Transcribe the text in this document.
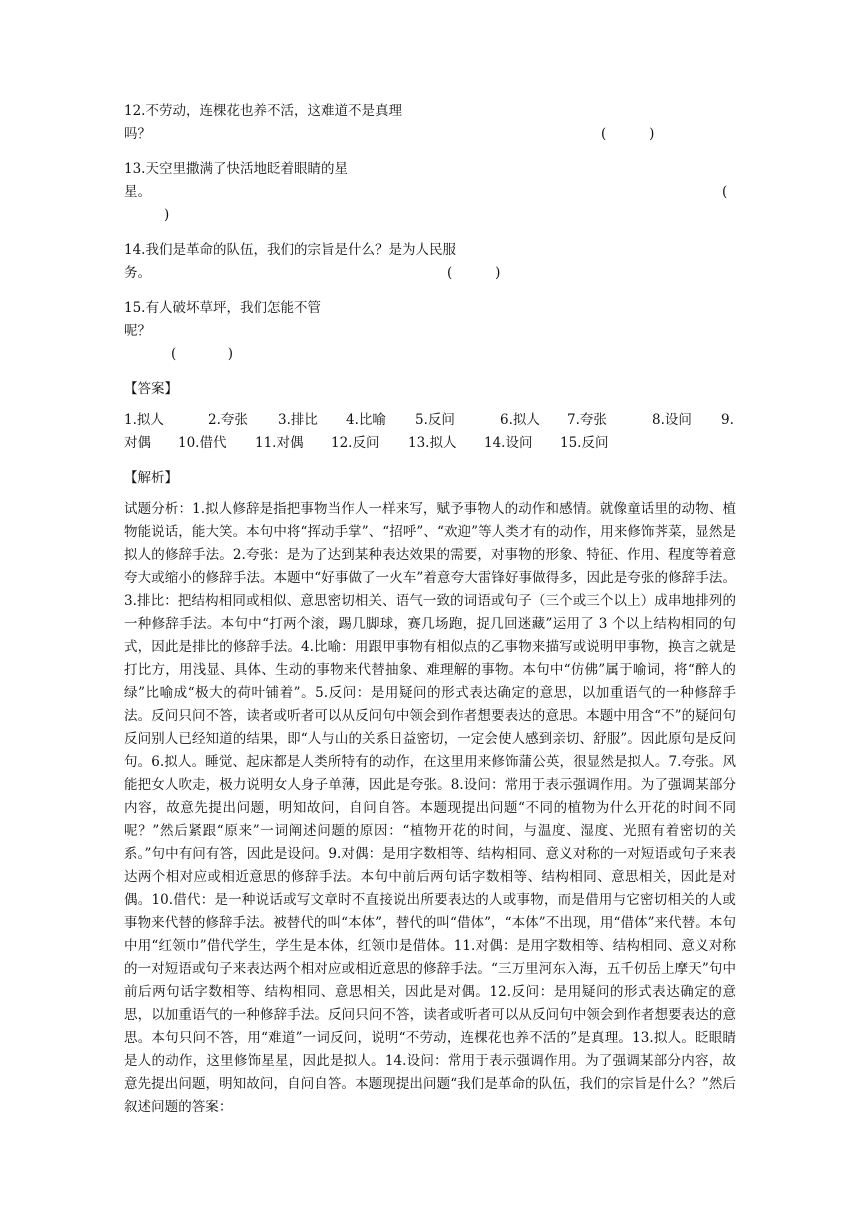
12.不劳动，连棵花也养不活，这难道不是真理
吗？	(          )
13.天空里撒满了快活地眨着眼睛的星
星。	(

)

14.我们是革命的队伍，我们的宗旨是什么？是为人民服
务。	(          )
15.有人破坏草坪，我们怎能不管
呢？

(            )

【答案】
1.拟人	2.夸张 3.排比 4.比喻 5.反问	6.拟人 7.夸张	8.设问 9.
对偶 10.借代 11.对偶 12.反问 13.拟人 14.设问 15.反问
【解析】
试题分析：1.拟人修辞是指把事物当作人一样来写，赋予事物人的动作和感情。就像童话里的动物、植物能说话，能大笑。本句中将“挥动手掌”、“招呼”、“欢迎”等人类才有的动作，用来修饰荠菜，显然是拟人的修辞手法。2.夸张：是为了达到某种表达效果的需要，对事物的形象、特征、作用、程度等着意夸大或缩小的修辞手法。本题中“好事做了一火车”着意夸大雷锋好事做得多，因此是夸张的修辞手法。3.排比：把结构相同或相似、意思密切相关、语气一致的词语或句子（三个或三个以上）成串地排列的一种修辞手法。本句中“打两个滚，踢几脚球，赛几场跑，捉几回迷藏”运用了 3 个以上结构相同的句式，因此是排比的修辞手法。4.比喻：用跟甲事物有相似点的乙事物来描写或说明甲事物，换言之就是打比方，用浅显、具体、生动的事物来代替抽象、难理解的事物。本句中“仿佛”属于喻词，将“醉人的绿”比喻成“极大的荷叶铺着”。5.反问：是用疑问的形式表达确定的意思，以加重语气的一种修辞手法。反问只问不答，读者或听者可以从反问句中领会到作者想要表达的意思。本题中用含“不”的疑问句反问别人已经知道的结果，即“人与山的关系日益密切，一定会使人感到亲切、舒服”。因此原句是反问句。6.拟人。睡觉、起床都是人类所特有的动作，在这里用来修饰蒲公英，很显然是拟人。7.夸张。风能把女人吹走，极力说明女人身子单薄，因此是夸张。8.设问：常用于表示强调作用。为了强调某部分内容，故意先提出问题，明知故问，自问自答。本题现提出问题“不同的植物为什么开花的时间不同呢？”然后紧跟“原来”一词阐述问题的原因：“植物开花的时间，与温度、湿度、光照有着密切的关系。”句中有问有答，因此是设问。9.对偶：是用字数相等、结构相同、意义对称的一对短语或句子来表达两个相对应或相近意思的修辞手法。本句中前后两句话字数相等、结构相同、意思相关，因此是对偶。10.借代：是一种说话或写文章时不直接说出所要表达的人或事物，而是借用与它密切相关的人或事物来代替的修辞手法。被替代的叫“本体”，替代的叫“借体”，“本体”不出现，用“借体”来代替。本句中用“红领巾”借代学生，学生是本体，红领巾是借体。11.对偶：是用字数相等、结构相同、意义对称的一对短语或句子来表达两个相对应或相近意思的修辞手法。“三万里河东入海，五千仞岳上摩天”句中前后两句话字数相等、结构相同、意思相关，因此是对偶。12.反问：是用疑问的形式表达确定的意思，以加重语气的一种修辞手法。反问只问不答，读者或听者可以从反问句中领会到作者想要表达的意思。本句只问不答，用“难道”一词反问，说明“不劳动，连棵花也养不活的”是真理。13.拟人。眨眼睛是人的动作，这里修饰星星，因此是拟人。14.设问：常用于表示强调作用。为了强调某部分内容，故意先提出问题，明知故问，自问自答。本题现提出问题“我们是革命的队伍，我们的宗旨是什么？”然后叙述问题的答案：
